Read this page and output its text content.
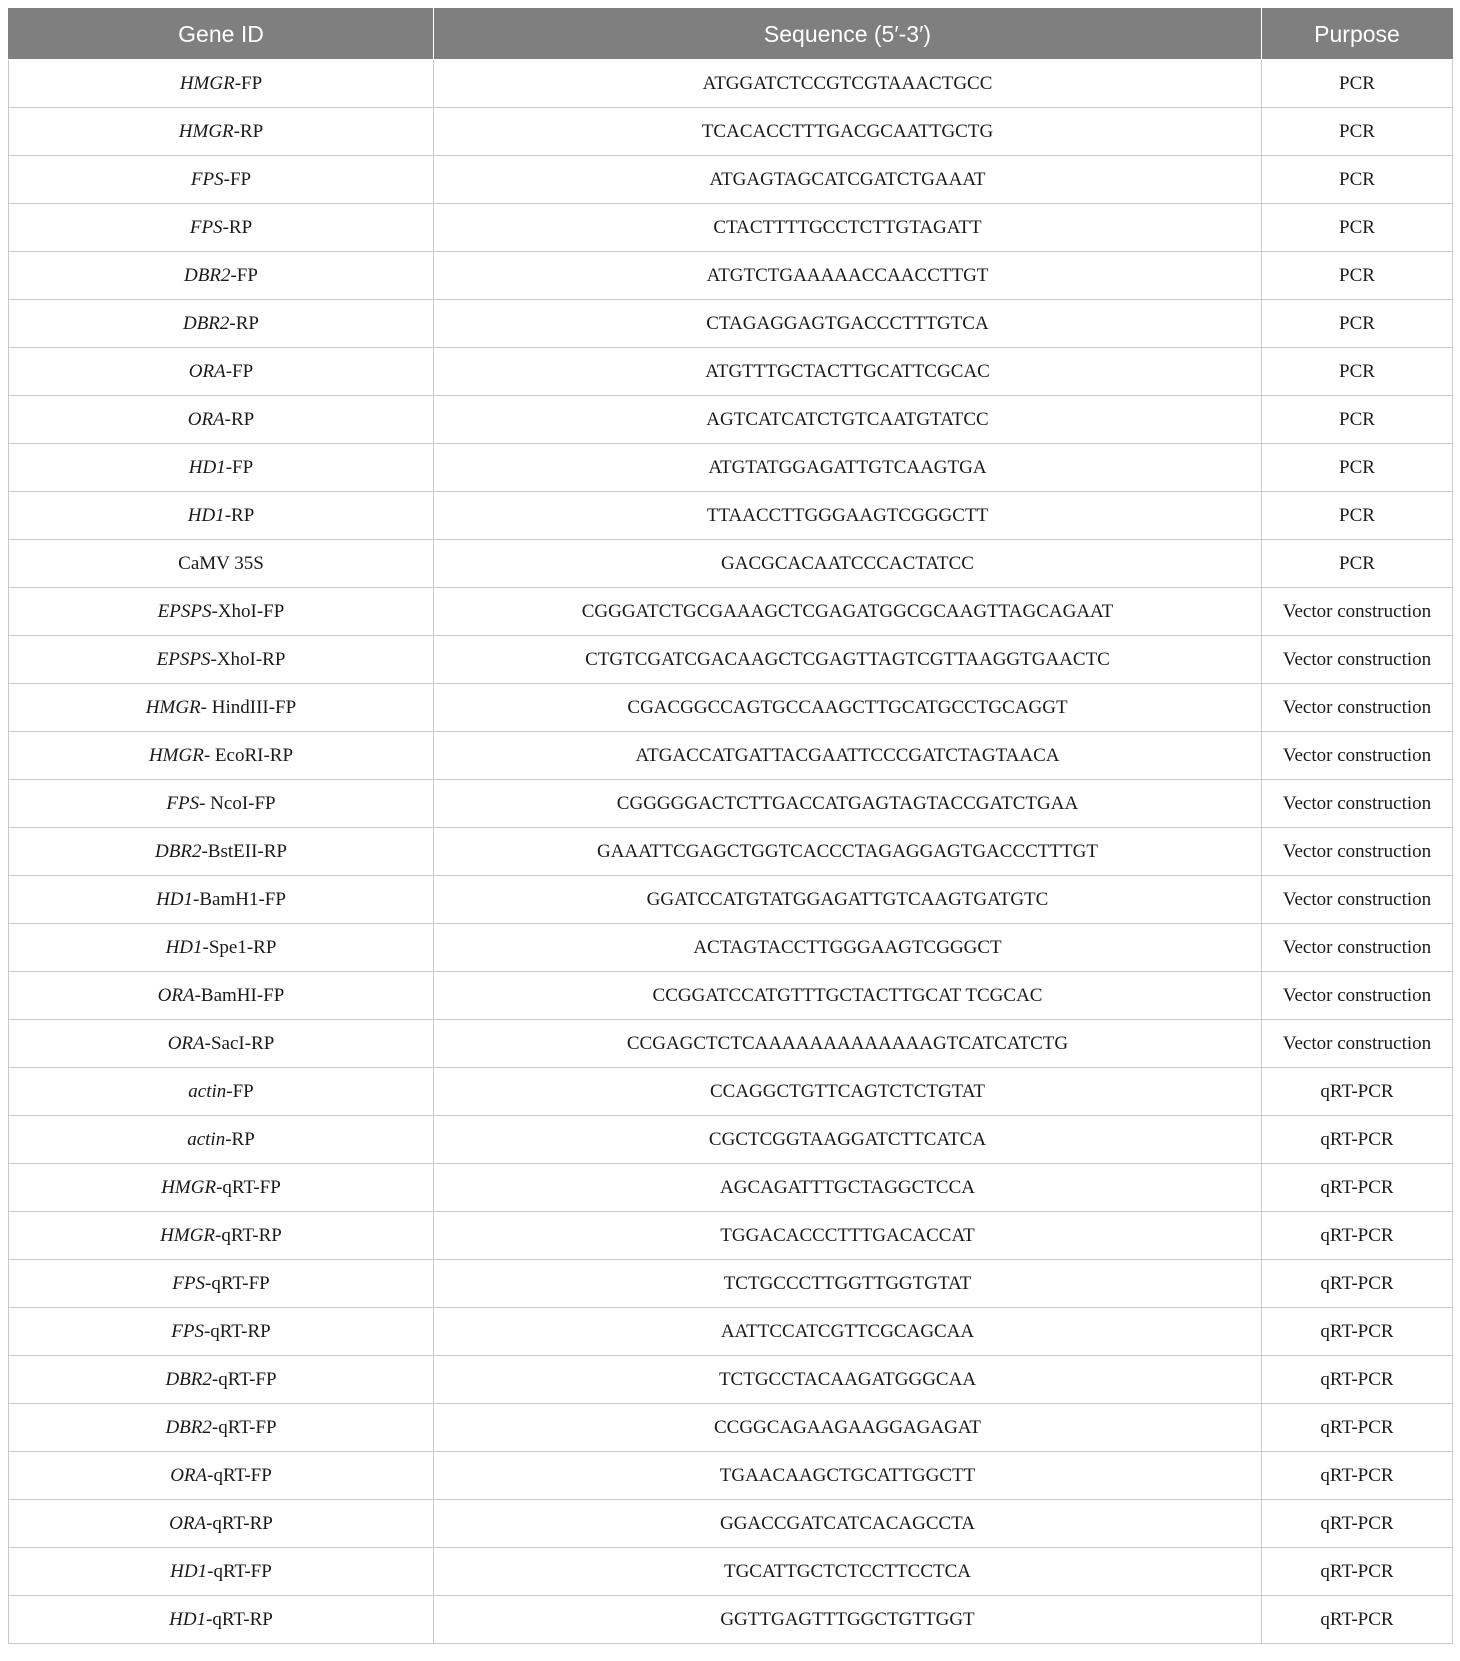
Gene ID	Sequence (5′-3′)	Purpose
HMGR-FP	ATGGATCTCCGTCGTAAACTGCC	PCR
HMGR-RP	TCACACCTTTGACGCAATTGCTG	PCR
FPS-FP	ATGAGTAGCATCGATCTGAAAT	PCR
FPS-RP	CTACTTTTGCCTCTTGTAGATT	PCR
DBR2-FP	ATGTCTGAAAAACCAACCTTGT	PCR
DBR2-RP	CTAGAGGAGTGACCCTTTGTCA	PCR
ORA-FP	ATGTTTGCTACTTGCATTCGCAC	PCR
ORA-RP	AGTCATCATCTGTCAATGTATCC	PCR
HD1-FP	ATGTATGGAGATTGTCAAGTGA	PCR
HD1-RP	TTAACCTTGGGAAGTCGGGCTT	PCR
CaMV 35S	GACGCACAATCCCACTATCC	PCR
EPSPS-XhoI-FP	CGGGATCTGCGAAAGCTCGAGATGGCGCAAGTTAGCAGAAT	Vector construction
EPSPS-XhoI-RP	CTGTCGATCGACAAGCTCGAGTTAGTCGTTAAGGTGAACTC	Vector construction
HMGR- HindIII-FP	CGACGGCCAGTGCCAAGCTTGCATGCCTGCAGGT	Vector construction
HMGR- EcoRI-RP	ATGACCATGATTACGAATTCCCGATCTAGTAACA	Vector construction
FPS- NcoI-FP	CGGGGGACTCTTGACCATGAGTAGTACCGATCTGAA	Vector construction
DBR2-BstEII-RP	GAAATTCGAGCTGGTCACCCTAGAGGAGTGACCCTTTGT	Vector construction
HD1-BamH1-FP	GGATCCATGTATGGAGATTGTCAAGTGATGTC	Vector construction
HD1-Spe1-RP	ACTAGTACCTTGGGAAGTCGGGCT	Vector construction
ORA-BamHI-FP	CCGGATCCATGTTTGCTACTTGCAT TCGCAC	Vector construction
ORA-SacI-RP	CCGAGCTCTCAAAAAAAAAAAAAGTCATCATCTG	Vector construction
actin-FP	CCAGGCTGTTCAGTCTCTGTAT	qRT-PCR
actin-RP	CGCTCGGTAAGGATCTTCATCA	qRT-PCR
HMGR-qRT-FP	AGCAGATTTGCTAGGCTCCA	qRT-PCR
HMGR-qRT-RP	TGGACACCCTTTGACACCAT	qRT-PCR
FPS-qRT-FP	TCTGCCCTTGGTTGGTGTAT	qRT-PCR
FPS-qRT-RP	AATTCCATCGTTCGCAGCAA	qRT-PCR
DBR2-qRT-FP	TCTGCCTACAAGATGGGCAA	qRT-PCR
DBR2-qRT-FP	CCGGCAGAAGAAGGAGAGAT	qRT-PCR
ORA-qRT-FP	TGAACAAGCTGCATTGGCTT	qRT-PCR
ORA-qRT-RP	GGACCGATCATCACAGCCTA	qRT-PCR
HD1-qRT-FP	TGCATTGCTCTCCTTCCTCA	qRT-PCR
HD1-qRT-RP	GGTTGAGTTTGGCTGTTGGT	qRT-PCR
